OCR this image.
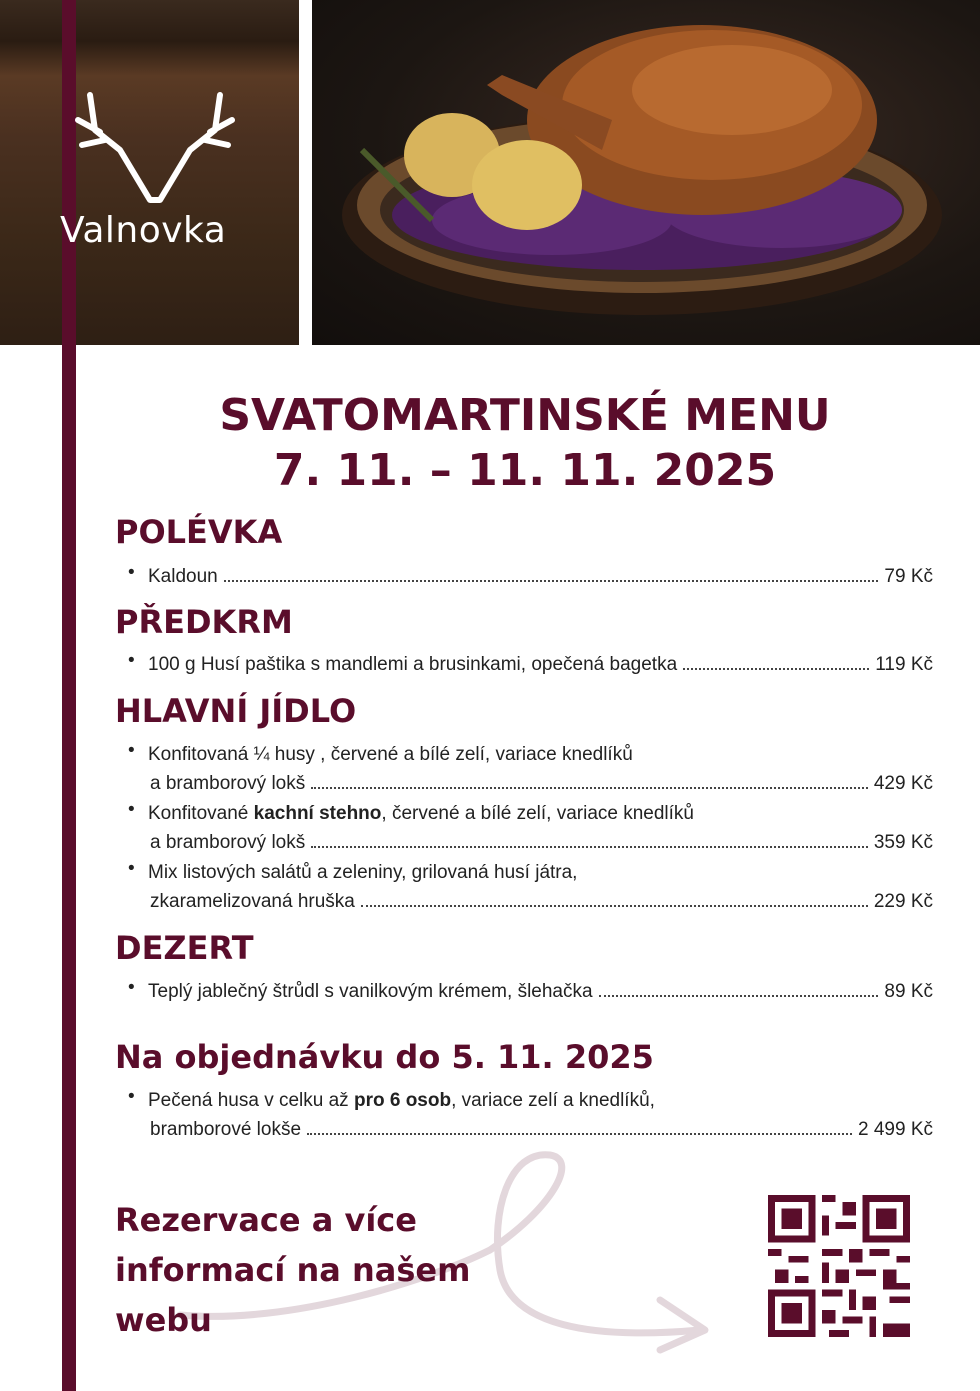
Valnovka
SVATOMARTINSKÉ MENU
7. 11. – 11. 11. 2025
POLÉVKA
• Kaldoun	79 Kč
PŘEDKRM
• 100 g Husí paštika s mandlemi a brusinkami, opečená bagetka	119 Kč
HLAVNÍ JÍDLO
• Konfitovaná ¼ husy , červené a bílé zelí, variace knedlíků
a bramborový lokš	429 Kč
• Konfitované kachní stehno, červené a bílé zelí, variace knedlíků
a bramborový lokš	359 Kč
• Mix listových salátů a zeleniny, grilovaná husí játra,
zkaramelizovaná hruška	229 Kč
DEZERT
• Teplý jablečný štrůdl s vanilkovým krémem, šlehačka	89 Kč
Na objednávku do 5. 11. 2025
• Pečená husa v celku až pro 6 osob, variace zelí a knedlíků,
bramborové lokše	2 499 Kč
Rezervace a více informací na našem webu
